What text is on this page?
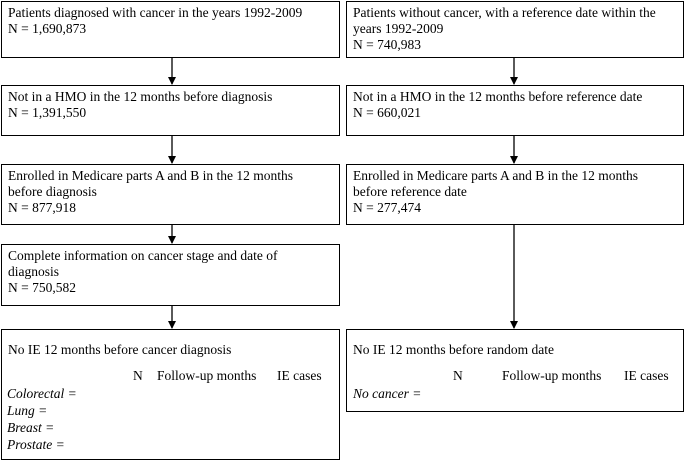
Patients diagnosed with cancer in the years 1992-2009
N = 1,690,873
Not in a HMO in the 12 months before diagnosis
N = 1,391,550
Enrolled in Medicare parts A and B in the 12 months
before diagnosis
N = 877,918
Complete information on cancer stage and date of
diagnosis
N = 750,582
No IE 12 months before cancer diagnosis
N Follow-up months IE cases
Colorectal =
Lung =
Breast =
Prostate =
Patients without cancer, with a reference date within the
years 1992-2009
N = 740,983
Not in a HMO in the 12 months before reference date
N = 660,021
Enrolled in Medicare parts A and B in the 12 months
before reference date
N = 277,474
No IE 12 months before random date
N	Follow-up months IE cases
No cancer =
